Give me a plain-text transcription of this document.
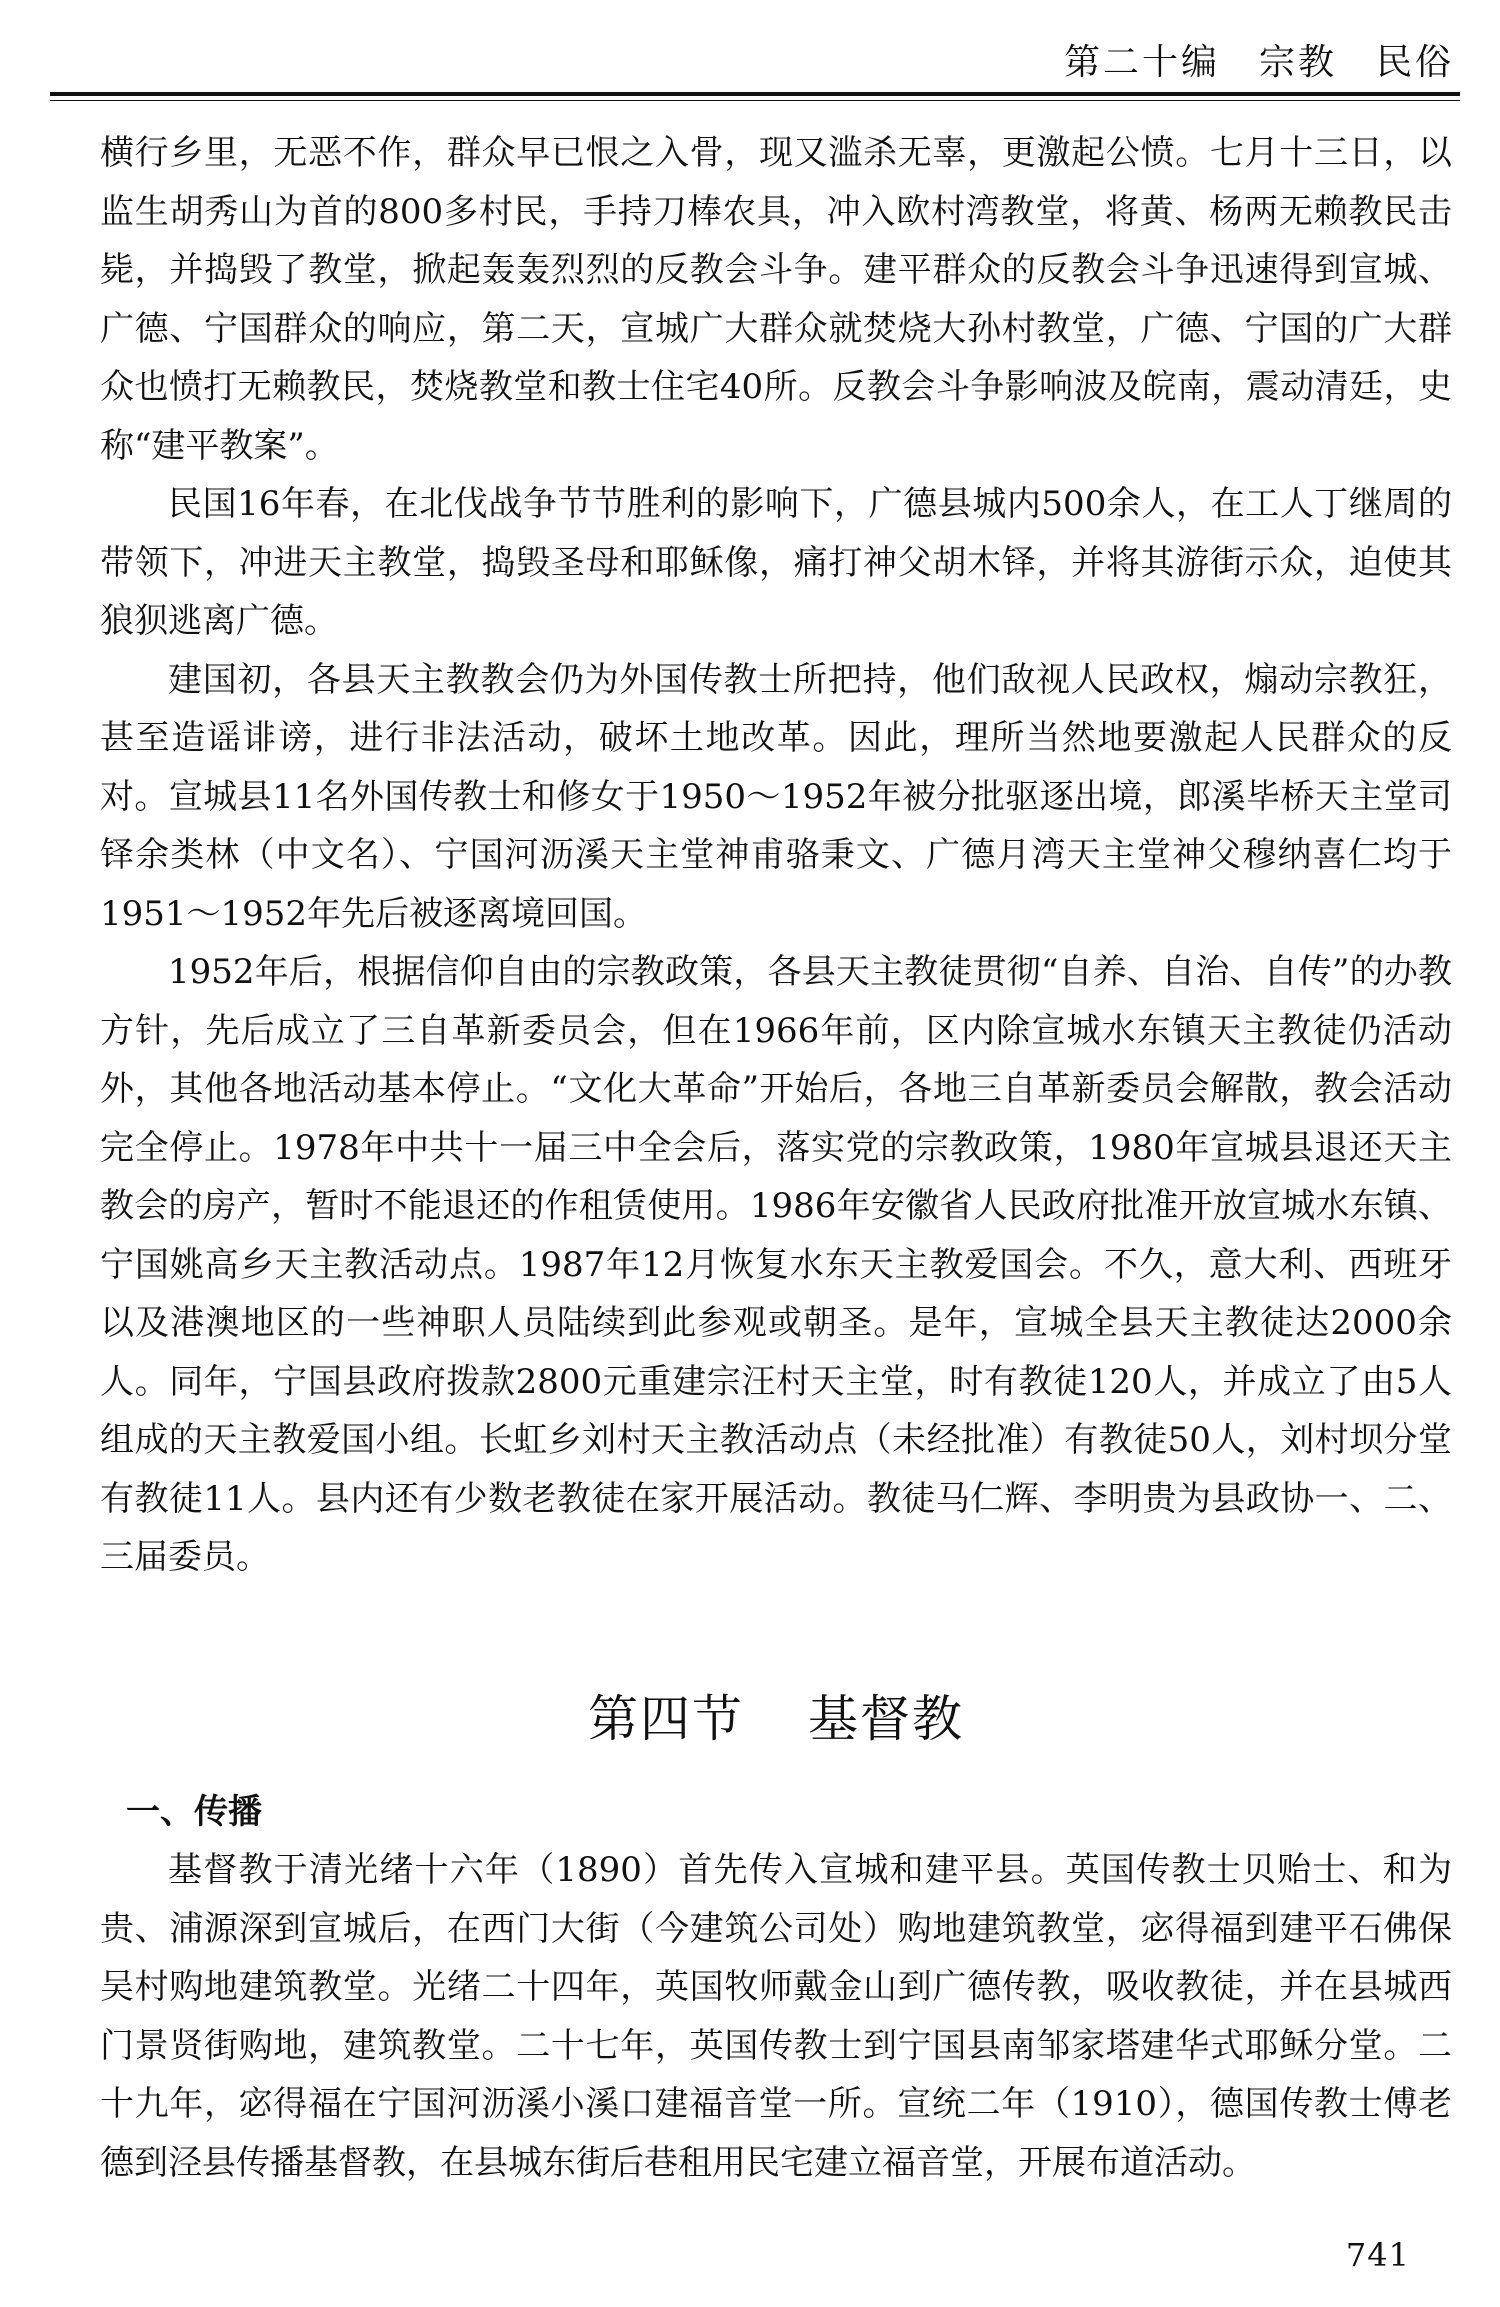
第二十编　宗教　民俗

横行乡里，无恶不作，群众早已恨之入骨，现又滥杀无辜，更激起公愤。七月十三日，以监生胡秀山为首的800多村民，手持刀棒农具，冲入欧村湾教堂，将黄、杨两无赖教民击毙，并捣毁了教堂，掀起轰轰烈烈的反教会斗争。建平群众的反教会斗争迅速得到宣城、广德、宁国群众的响应，第二天，宣城广大群众就焚烧大孙村教堂，广德、宁国的广大群众也愤打无赖教民，焚烧教堂和教士住宅40所。反教会斗争影响波及皖南，震动清廷，史称“建平教案”。

民国16年春，在北伐战争节节胜利的影响下，广德县城内500余人，在工人丁继周的带领下，冲进天主教堂，捣毁圣母和耶稣像，痛打神父胡木铎，并将其游街示众，迫使其狼狈逃离广德。

建国初，各县天主教教会仍为外国传教士所把持，他们敌视人民政权，煽动宗教狂，甚至造谣诽谤，进行非法活动，破坏土地改革。因此，理所当然地要激起人民群众的反对。宣城县11名外国传教士和修女于1950～1952年被分批驱逐出境，郎溪毕桥天主堂司铎余类林（中文名）、宁国河沥溪天主堂神甫骆秉文、广德月湾天主堂神父穆纳喜仁均于1951～1952年先后被逐离境回国。

1952年后，根据信仰自由的宗教政策，各县天主教徒贯彻“自养、自治、自传”的办教方针，先后成立了三自革新委员会，但在1966年前，区内除宣城水东镇天主教徒仍活动外，其他各地活动基本停止。“文化大革命”开始后，各地三自革新委员会解散，教会活动完全停止。1978年中共十一届三中全会后，落实党的宗教政策，1980年宣城县退还天主教会的房产，暂时不能退还的作租赁使用。1986年安徽省人民政府批准开放宣城水东镇、宁国姚高乡天主教活动点。1987年12月恢复水东天主教爱国会。不久，意大利、西班牙以及港澳地区的一些神职人员陆续到此参观或朝圣。是年，宣城全县天主教徒达2000余人。同年，宁国县政府拨款2800元重建宗汪村天主堂，时有教徒120人，并成立了由5人组成的天主教爱国小组。长虹乡刘村天主教活动点（未经批准）有教徒50人，刘村坝分堂有教徒11人。县内还有少数老教徒在家开展活动。教徒马仁辉、李明贵为县政协一、二、三届委员。

第四节 基督教
一、传播

基督教于清光绪十六年（1890）首先传入宣城和建平县。英国传教士贝贻士、和为贵、浦源深到宣城后，在西门大街（今建筑公司处）购地建筑教堂，宓得福到建平石佛保吴村购地建筑教堂。光绪二十四年，英国牧师戴金山到广德传教，吸收教徒，并在县城西门景贤街购地，建筑教堂。二十七年，英国传教士到宁国县南邹家塔建华式耶稣分堂。二十九年，宓得福在宁国河沥溪小溪口建福音堂一所。宣统二年（1910），德国传教士傅老德到泾县传播基督教，在县城东街后巷租用民宅建立福音堂，开展布道活动。

741
